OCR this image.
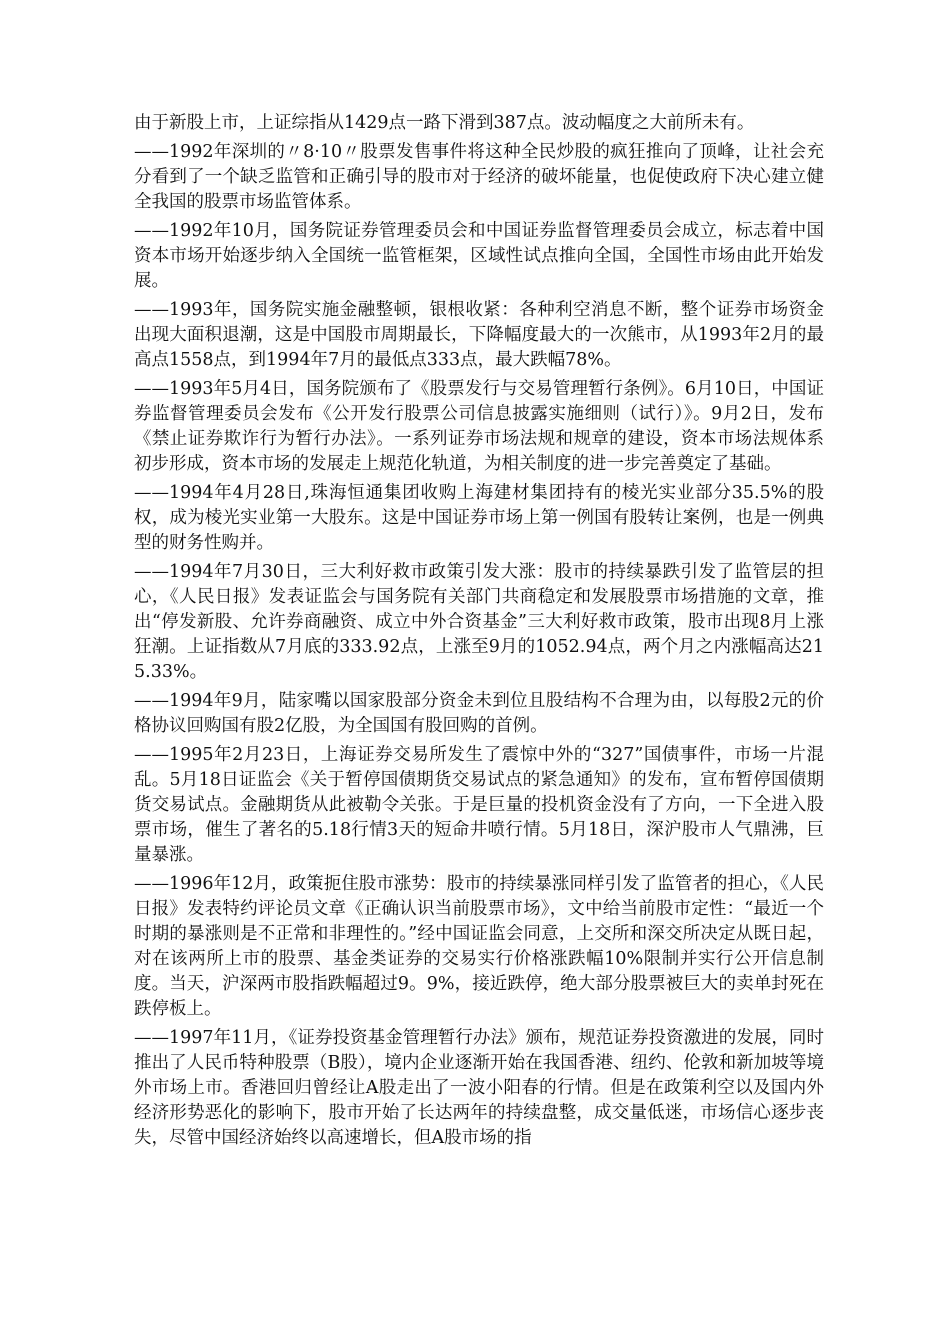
由于新股上市，上证综指从1429点一路下滑到387点。波动幅度之大前所未有。

——1992年深圳的〃8·10〃股票发售事件将这种全民炒股的疯狂推向了顶峰，让社会充分看到了一个缺乏监管和正确引导的股市对于经济的破坏能量，也促使政府下决心建立健全我国的股票市场监管体系。

——1992年10月，国务院证券管理委员会和中国证券监督管理委员会成立，标志着中国资本市场开始逐步纳入全国统一监管框架，区域性试点推向全国，全国性市场由此开始发展。

——1993年，国务院实施金融整顿，银根收紧：各种利空消息不断，整个证券市场资金出现大面积退潮，这是中国股市周期最长，下降幅度最大的一次熊市，从1993年2月的最高点1558点，到1994年7月的最低点333点，最大跌幅78%。

——1993年5月4日，国务院颁布了《股票发行与交易管理暂行条例》。6月10日，中国证券监督管理委员会发布《公开发行股票公司信息披露实施细则（试行）》。9月2日，发布《禁止证券欺诈行为暂行办法》。一系列证券市场法规和规章的建设，资本市场法规体系初步形成，资本市场的发展走上规范化轨道，为相关制度的进一步完善奠定了基础。

——1994年4月28日,珠海恒通集团收购上海建材集团持有的棱光实业部分35.5%的股权，成为棱光实业第一大股东。这是中国证券市场上第一例国有股转让案例，也是一例典型的财务性购并。

——1994年7月30日，三大利好救市政策引发大涨：股市的持续暴跌引发了监管层的担心，《人民日报》发表证监会与国务院有关部门共商稳定和发展股票市场措施的文章，推出“停发新股、允许券商融资、成立中外合资基金”三大利好救市政策，股市出现8月上涨狂潮。上证指数从7月底的333.92点，上涨至9月的1052.94点，两个月之内涨幅高达215.33%。

——1994年9月，陆家嘴以国家股部分资金未到位且股结构不合理为由，以每股2元的价格协议回购国有股2亿股，为全国国有股回购的首例。

——1995年2月23日，上海证券交易所发生了震惊中外的“327”国债事件，市场一片混乱。5月18日证监会《关于暂停国债期货交易试点的紧急通知》的发布，宣布暂停国债期货交易试点。金融期货从此被勒令关张。于是巨量的投机资金没有了方向，一下全进入股票市场，催生了著名的5.18行情3天的短命井喷行情。5月18日，深沪股市人气鼎沸，巨量暴涨。

——1996年12月，政策扼住股市涨势：股市的持续暴涨同样引发了监管者的担心，《人民日报》发表特约评论员文章《正确认识当前股票市场》，文中给当前股市定性：“最近一个时期的暴涨则是不正常和非理性的。”经中国证监会同意，上交所和深交所决定从既日起，对在该两所上市的股票、基金类证券的交易实行价格涨跌幅10%限制并实行公开信息制度。当天，沪深两市股指跌幅超过9。9%，接近跌停，绝大部分股票被巨大的卖单封死在跌停板上。

——1997年11月，《证券投资基金管理暂行办法》颁布，规范证券投资激进的发展，同时推出了人民币特种股票（B股），境内企业逐渐开始在我国香港、纽约、伦敦和新加坡等境外市场上市。香港回归曾经让A股走出了一波小阳春的行情。但是在政策利空以及国内外经济形势恶化的影响下，股市开始了长达两年的持续盘整，成交量低迷，市场信心逐步丧失，尽管中国经济始终以高速增长，但A股市场的指
